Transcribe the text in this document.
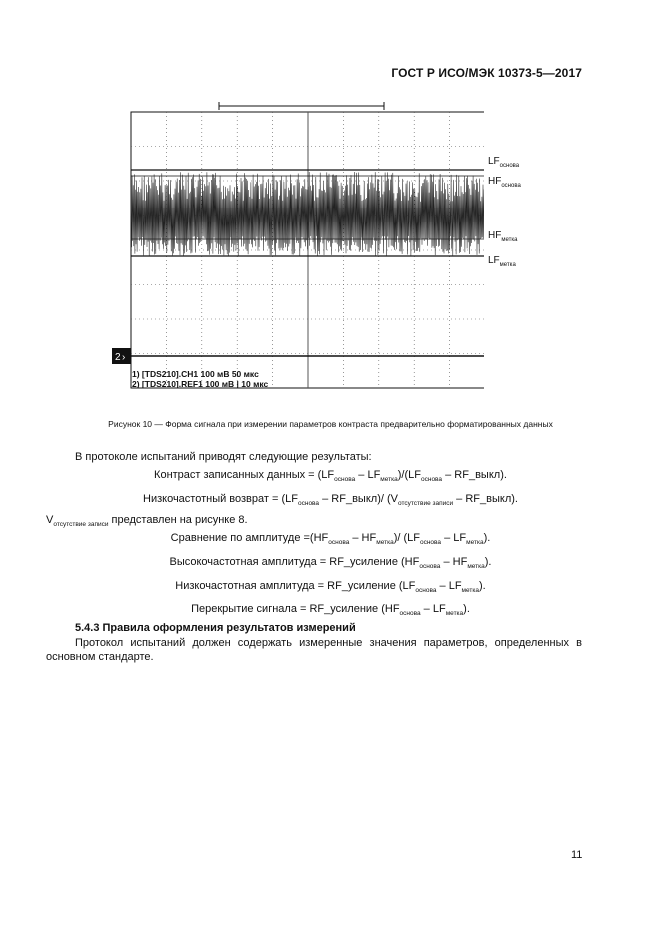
ГОСТ Р ИСО/МЭК 10373-5—2017
2 ›
1) [TDS210].CH1 100 мВ 50 мкс
2) [TDS210].REF1 100 мВ | 10 мкс
$LF_{основа}$
$HF_{основа}$
$HF_{метка}$
$LF_{метка}$
Рисунок 10 — Форма сигнала при измерении параметров контраста предварительно форматированных данных
В протоколе испытаний приводят следующие результаты:
Контраст записанных данных = $(LF_{основа} - LF_{метка})/(LF_{основа}$ – RF_выкл).
Низкочастотный возврат = ($LF_{основа}$ – RF_выкл)/ ($V_{отсутствие записи}$ – RF_выкл).
$V_{отсутствие записи}$ представлен на рисунке 8.
Сравнение по амплитуде $=(HF_{основа} - HF_{метка})/$ $(LF_{основа} - LF_{метка})$.
Высокочастотная амплитуда = RF_усиление $(HF_{основа} - HF_{метка})$.
Низкочастотная амплитуда = RF_усиление $(LF_{основа} - LF_{метка})$.
Перекрытие сигнала = RF_усиление $(HF_{основа} - LF_{метка})$.
5.4.3 Правила оформления результатов измерений
Протокол испытаний должен содержать измеренные значения параметров, определенных в основном стандарте.
11
